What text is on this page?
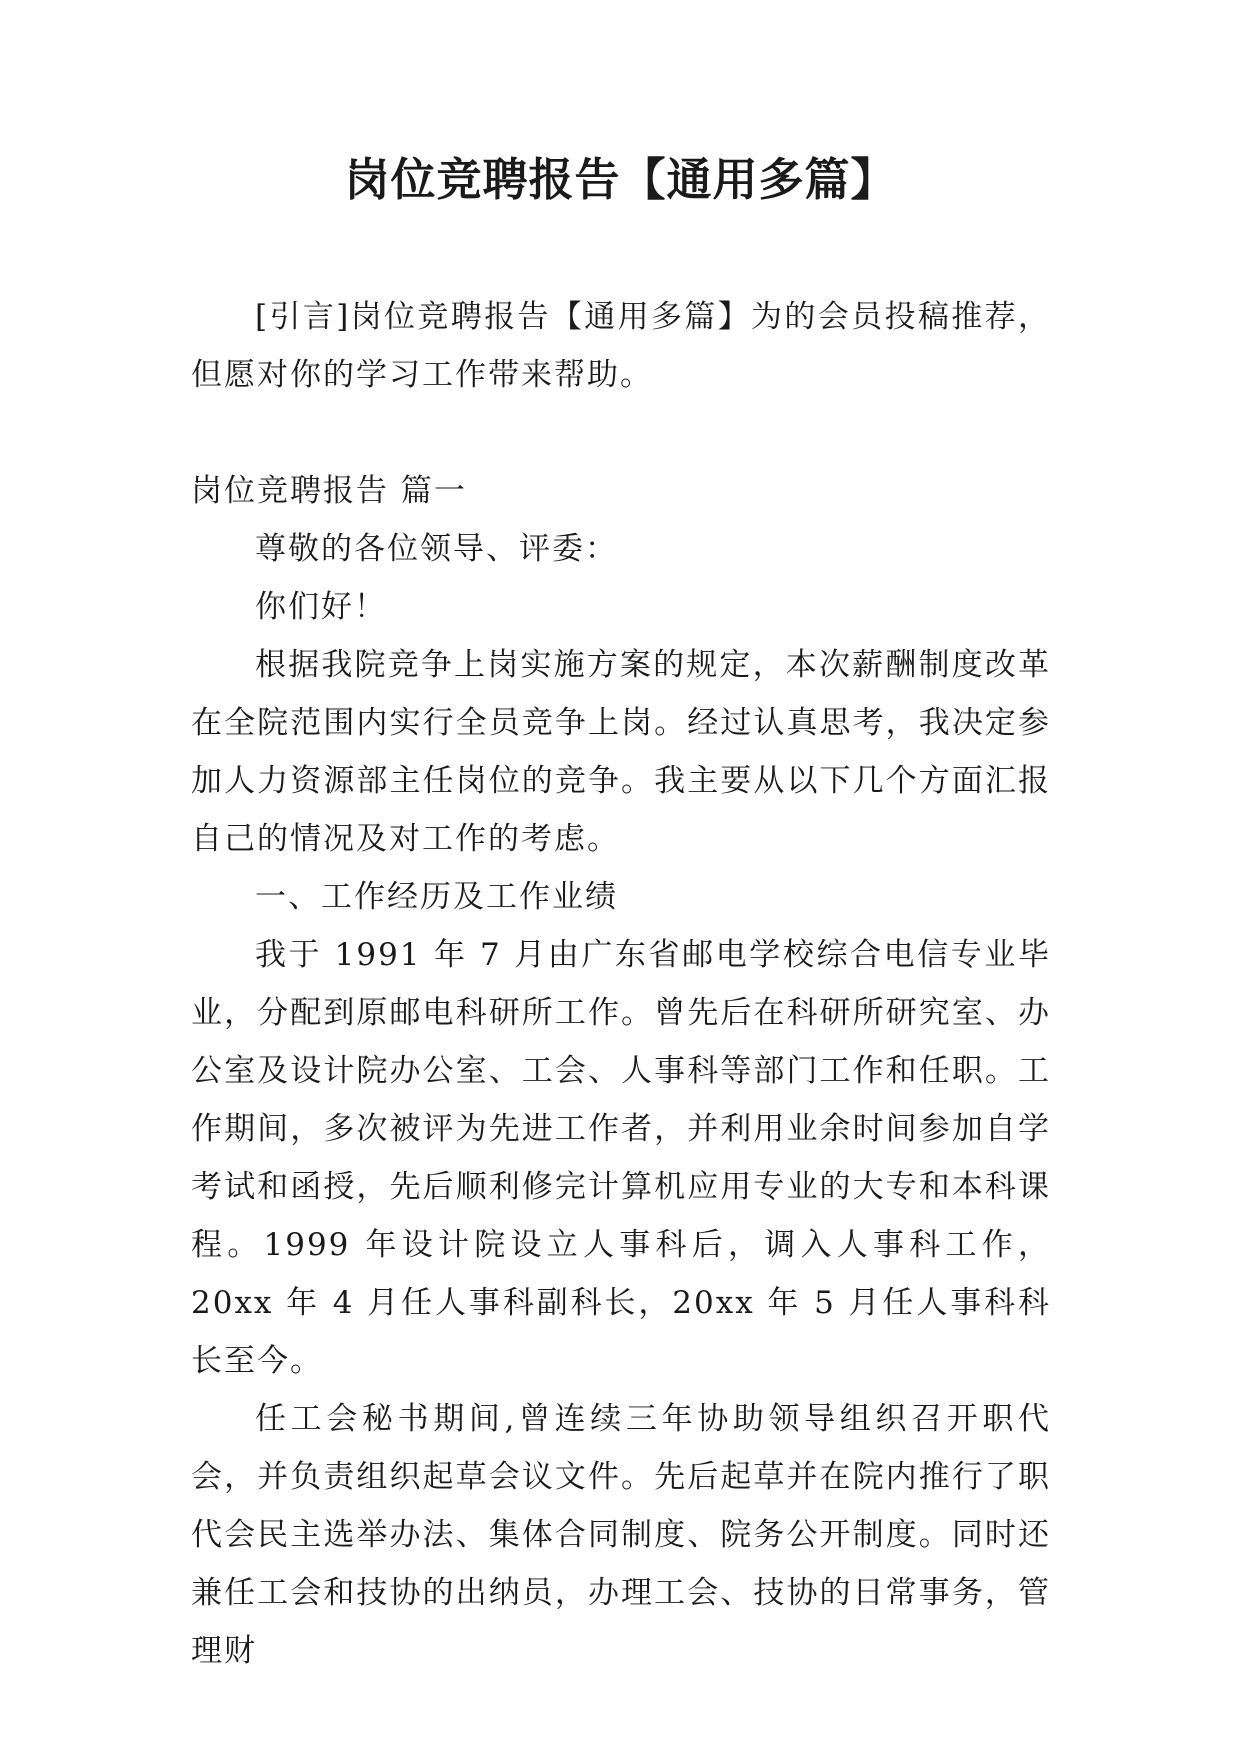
岗位竞聘报告【通用多篇】

[引言]岗位竞聘报告【通用多篇】为的会员投稿推荐，但愿对你的学习工作带来帮助。

岗位竞聘报告 篇一

尊敬的各位领导、评委：

你们好！

根据我院竞争上岗实施方案的规定，本次薪酬制度改革在全院范围内实行全员竞争上岗。经过认真思考，我决定参加人力资源部主任岗位的竞争。我主要从以下几个方面汇报自己的情况及对工作的考虑。

一、工作经历及工作业绩

我于 1991 年 7 月由广东省邮电学校综合电信专业毕业，分配到原邮电科研所工作。曾先后在科研所研究室、办公室及设计院办公室、工会、人事科等部门工作和任职。工作期间，多次被评为先进工作者，并利用业余时间参加自学考试和函授，先后顺利修完计算机应用专业的大专和本科课程。1999 年设计院设立人事科后，调入人事科工作，20xx 年 4 月任人事科副科长，20xx 年 5 月任人事科科长至今。

任工会秘书期间,曾连续三年协助领导组织召开职代会，并负责组织起草会议文件。先后起草并在院内推行了职代会民主选举办法、集体合同制度、院务公开制度。同时还兼任工会和技协的出纳员，办理工会、技协的日常事务，管理财
